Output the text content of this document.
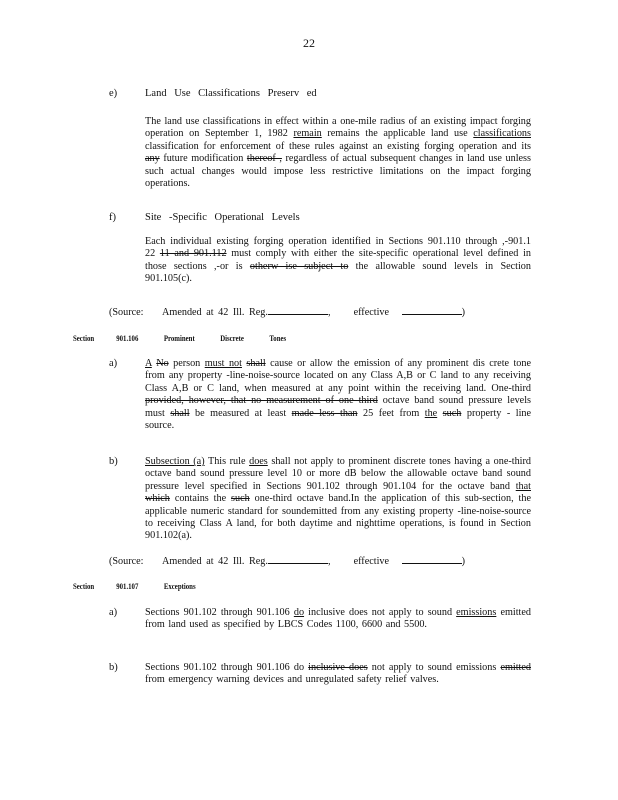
22
e)	Land Use Classifications Preserv ed
The land use classifications in effect within a one-mile radius of an existing impact forging operation on September 1, 1982 remain remains the applicable land use classifications classification for enforcement of these rules against an existing forging operation and its any future modification thereof , regardless of actual subsequent changes in land use unless such actual changes would impose less restrictive limitations on the impact forging operations.
f)	Site -Specific Operational Levels
Each individual existing forging operation identified in Sections 901.110 through ,-901.1 22 11 and 901.112 must comply with either the site-specific operational level defined in those sections ,-or is otherw ise subject to the allowable sound levels in Section 901.105(c).
(Source: Amended at 42 Ill. Reg.	,  effective	)
Section	901.106	Prominent	Discrete	Tones
a)	A No person must not shall cause or allow the emission of any prominent dis crete tone from any property -line-noise-source located on any Class A,B or C land to any receiving Class A,B or C land, when measured at any point within the receiving land. One-third provided, however, that no measurement of one third octave band sound pressure levels must shall be measured at least made less than 25 feet from the such property - line source.
b)	Subsection (a) This rule does shall not apply to prominent discrete tones having a one-third octave band sound pressure level 10 or more dB below the allowable octave band sound pressure level specified in Sections 901.102 through 901.104 for the octave band that which contains the such one-third octave band.In the application of this sub-section, the applicable numeric standard for soundemitted from any existing property -line-noise-source to receiving Class A land, for both daytime and nighttime operations, is found in Section 901.102(a).
(Source: Amended at 42 Ill. Reg.	,  effective	)
Section	901.107	Exceptions
a)	Sections 901.102 through 901.106 do inclusive does not apply to sound emissions emitted from land used as specified by LBCS Codes 1100, 6600 and 5500.
b)	Sections 901.102 through 901.106 do inclusive does not apply to sound emissions emitted from emergency warning devices and unregulated safety relief valves.
